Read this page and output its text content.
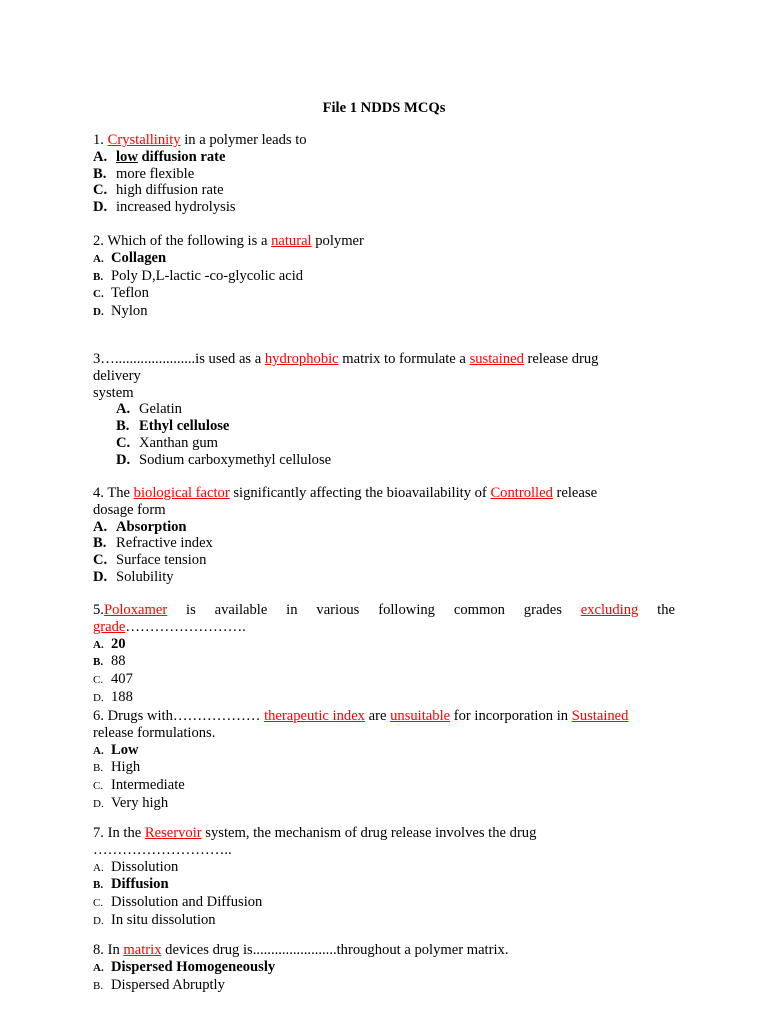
File 1 NDDS MCQs
1. Crystallinity in a polymer leads to
A. low diffusion rate
B. more flexible
C. high diffusion rate
D. increased hydrolysis
2. Which of the following is a natural polymer
A. Collagen
B. Poly D,L-lactic -co-glycolic acid
C. Teflon
D. Nylon
3…......................is used as a hydrophobic matrix to formulate a sustained release drug
delivery
system
A. Gelatin
B. Ethyl cellulose
C. Xanthan gum
D. Sodium carboxymethyl cellulose
4. The biological factor significantly affecting the bioavailability of Controlled release
dosage form
A. Absorption
B. Refractive index
C. Surface tension
D. Solubility
5.Poloxamer is available in various following common grades excluding the
grade…………………….
A. 20
B. 88
C. 407
D. 188
6. Drugs with……………… therapeutic index are unsuitable for incorporation in Sustained
release formulations.
A. Low
B. High
C. Intermediate
D. Very high
7. In the Reservoir system, the mechanism of drug release involves the drug
………………………..
A. Dissolution
B. Diffusion
C. Dissolution and Diffusion
D. In situ dissolution
8. In matrix devices drug is.......................throughout a polymer matrix.
A. Dispersed Homogeneously
B. Dispersed Abruptly
